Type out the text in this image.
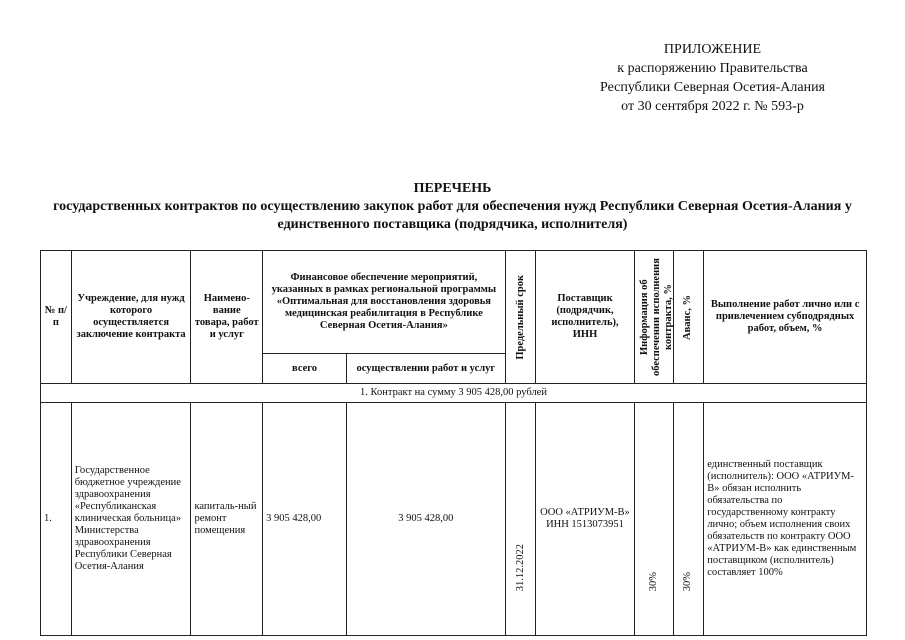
ПРИЛОЖЕНИЕ
к распоряжению Правительства
Республики Северная Осетия-Алания
от 30 сентября 2022 г. № 593-р
ПЕРЕЧЕНЬ
государственных контрактов по осуществлению закупок работ для обеспечения нужд Республики Северная Осетия-Алания у единственного поставщика (подрядчика, исполнителя)
№ п/п	Учреждение, для нужд которого осуществляется заключение контракта	Наимено-вание товара, работ и услуг	Финансовое обеспечение мероприятий, указанных в рамках региональной программы «Оптимальная для восстановления здоровья медицинская реабилитация в Республике Северная Осетия-Алания»		Предельный срок	Поставщик (подрядчик, исполнитель), ИНН	Информация об обеспечении исполнения контракта, %	Аванс, %	Выполнение работ лично или с привлечением субподрядных работ, объем, %
			всего	осуществлении работ и услуг					
1. Контракт на сумму 3 905 428,00 рублей									
1.	Государственное бюджетное учреждение здравоохранения «Республиканская клиническая больница» Министерства здравоохранения Республики Северная Осетия-Алания	капиталь-ный ремонт помещения	3 905 428,00	3 905 428,00	31.12.2022	ООО «АТРИУМ-В» ИНН 1513073951	30%	30%	единственный поставщик (исполнитель): ООО «АТРИУМ-В» обязан исполнить обязательства по государственному контракту лично; объем исполнения своих обязательств по контракту ООО «АТРИУМ-В» как единственным поставщиком (исполнитель) составляет 100%
